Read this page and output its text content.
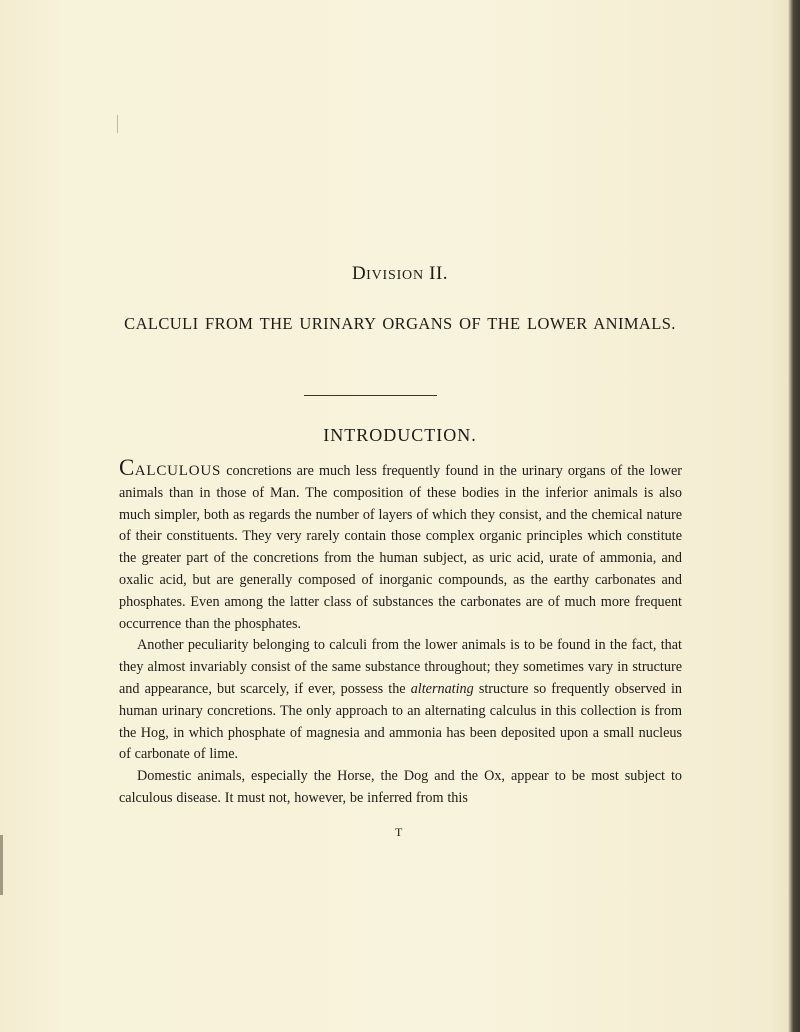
DIVISION II.
CALCULI FROM THE URINARY ORGANS OF THE LOWER ANIMALS.
INTRODUCTION.

CALCULOUS concretions are much less frequently found in the urinary organs of the lower animals than in those of Man. The composition of these bodies in the inferior animals is also much simpler, both as regards the number of layers of which they consist, and the chemical nature of their constituents. They very rarely contain those complex organic principles which constitute the greater part of the concretions from the human subject, as uric acid, urate of ammonia, and oxalic acid, but are generally composed of inorganic compounds, as the earthy carbonates and phosphates. Even among the latter class of substances the carbonates are of much more frequent occurrence than the phosphates.

Another peculiarity belonging to calculi from the lower animals is to be found in the fact, that they almost invariably consist of the same substance throughout; they sometimes vary in structure and appearance, but scarcely, if ever, possess the alternating structure so frequently observed in human urinary concretions. The only approach to an alternating calculus in this collection is from the Hog, in which phosphate of magnesia and ammonia has been deposited upon a small nucleus of carbonate of lime.

Domestic animals, especially the Horse, the Dog and the Ox, appear to be most subject to calculous disease. It must not, however, be inferred from this

T
